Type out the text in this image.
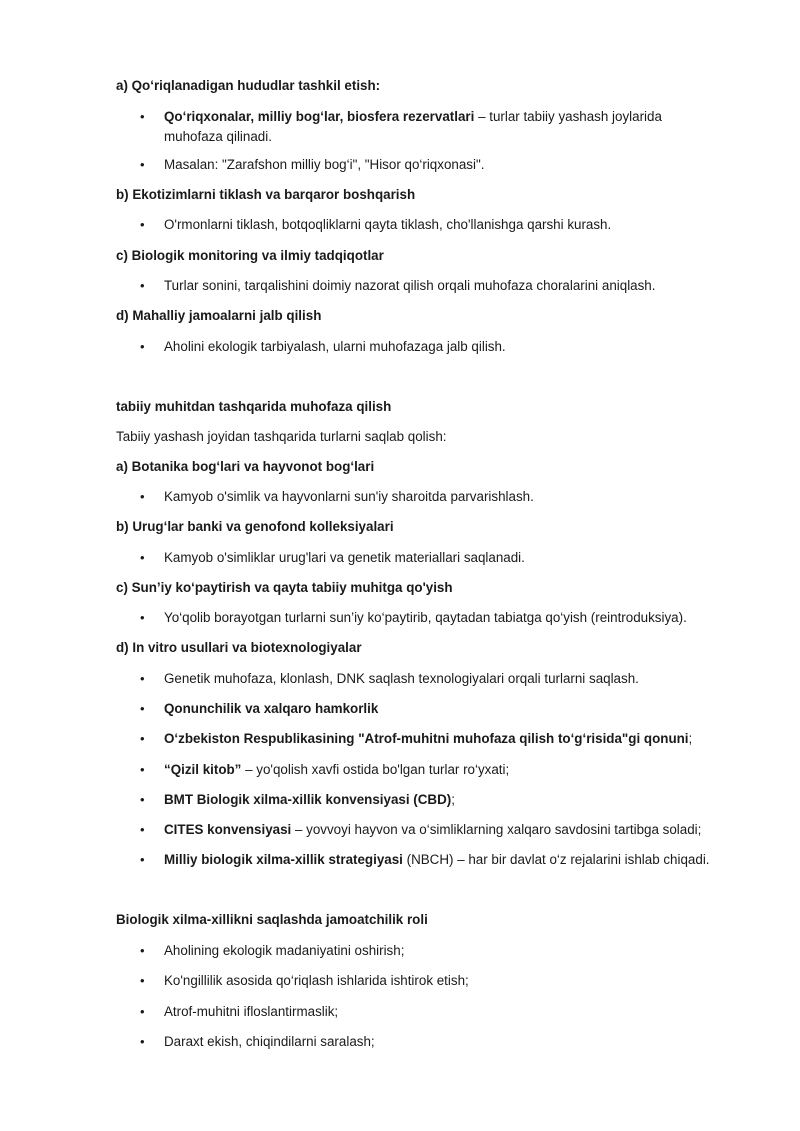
a) Qo‘riqlanadigan hududlar tashkil etish:
• Qo‘riqxonalar, milliy bog‘lar, biosfera rezervatlari – turlar tabiiy yashash joylarida muhofaza qilinadi.
• Masalan: "Zarafshon milliy bog‘i", "Hisor qo‘riqxonasi".
b) Ekotizimlarni tiklash va barqaror boshqarish
• O'rmonlarni tiklash, botqoqliklarni qayta tiklash, cho'llanishga qarshi kurash.
c) Biologik monitoring va ilmiy tadqiqotlar
• Turlar sonini, tarqalishini doimiy nazorat qilish orqali muhofaza choralarini aniqlash.
d) Mahalliy jamoalarni jalb qilish
• Aholini ekologik tarbiyalash, ularni muhofazaga jalb qilish.
tabiiy muhitdan tashqarida muhofaza qilish
Tabiiy yashash joyidan tashqarida turlarni saqlab qolish:
a) Botanika bog‘lari va hayvonot bog‘lari
• Kamyob o'simlik va hayvonlarni sun'iy sharoitda parvarishlash.
b) Urug‘lar banki va genofond kolleksiyalari
• Kamyob o'simliklar urug'lari va genetik materiallari saqlanadi.
c) Sun’iy ko‘paytirish va qayta tabiiy muhitga qo'yish
• Yo‘qolib borayotgan turlarni sun’iy ko‘paytirib, qaytadan tabiatga qo‘yish (reintroduksiya).
d) In vitro usullari va biotexnologiyalar
• Genetik muhofaza, klonlash, DNK saqlash texnologiyalari orqali turlarni saqlash.
• Qonunchilik va xalqaro hamkorlik
• O‘zbekiston Respublikasining "Atrof-muhitni muhofaza qilish to‘g‘risida"gi qonuni;
• “Qizil kitob” – yo'qolish xavfi ostida bo'lgan turlar ro‘yxati;
• BMT Biologik xilma-xillik konvensiyasi (CBD);
• CITES konvensiyasi – yovvoyi hayvon va o‘simliklarning xalqaro savdosini tartibga soladi;
• Milliy biologik xilma-xillik strategiyasi (NBCH) – har bir davlat o‘z rejalarini ishlab chiqadi.
Biologik xilma-xillikni saqlashda jamoatchilik roli
• Aholining ekologik madaniyatini oshirish;
• Ko'ngillilik asosida qo‘riqlash ishlarida ishtirok etish;
• Atrof-muhitni ifloslantirmaslik;
• Daraxt ekish, chiqindilarni saralash;
